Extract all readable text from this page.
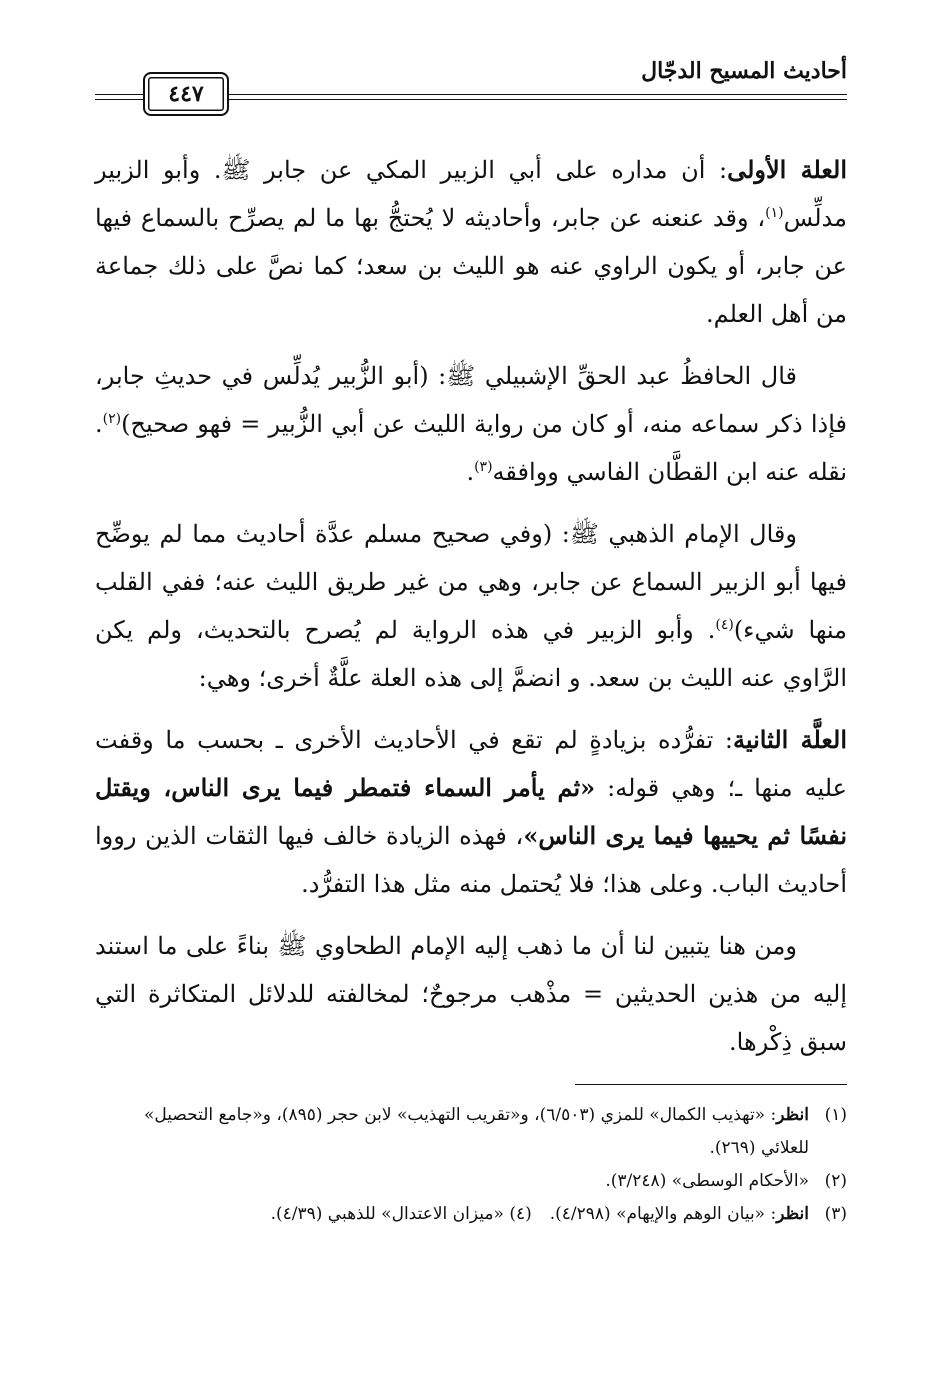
أحاديث المسيح الدجّال
٤٤٧

العلة الأولى: أن مداره على أبي الزبير المكي عن جابر ﷺ. وأبو الزبير مدلِّس$^{(١)}$، وقد عنعنه عن جابر، وأحاديثه لا يُحتجُّ بها ما لم يصرِّح بالسماع فيها عن جابر، أو يكون الراوي عنه هو الليث بن سعد؛ كما نصَّ على ذلك جماعة من أهل العلم.

قال الحافظُ عبد الحقِّ الإشبيلي ﷺ: (أبو الزُّبير يُدلِّس في حديثِ جابر، فإذا ذكر سماعه منه، أو كان من رواية الليث عن أبي الزُّبير = فهو صحيح)$^{(٢)}$. نقله عنه ابن القطَّان الفاسي ووافقه$^{(٣)}$.

وقال الإمام الذهبي ﷺ: (وفي صحيح مسلم عدَّة أحاديث مما لم يوضِّح فيها أبو الزبير السماع عن جابر، وهي من غير طريق الليث عنه؛ ففي القلب منها شيء)$^{(٤)}$. وأبو الزبير في هذه الرواية لم يُصرح بالتحديث، ولم يكن الرَّاوي عنه الليث بن سعد. و انضمَّ إلى هذه العلة علَّةٌ أخرى؛ وهي:

العلَّة الثانية: تفرُّده بزيادةٍ لم تقع في الأحاديث الأخرى ـ بحسب ما وقفت عليه منها ـ؛ وهي قوله: «ثم يأمر السماء فتمطر فيما يرى الناس، ويقتل نفسًا ثم يحييها فيما يرى الناس»، فهذه الزيادة خالف فيها الثقات الذين رووا أحاديث الباب. وعلى هذا؛ فلا يُحتمل منه مثل هذا التفرُّد.

ومن هنا يتبين لنا أن ما ذهب إليه الإمام الطحاوي ﷺ بناءً على ما استند إليه من هذين الحديثين = مذْهب مرجوحٌ؛ لمخالفته للدلائل المتكاثرة التي سبق ذِكْرها.

(١)
انظر: «تهذيب الكمال» للمزي (٦/٥٠٣)، و«تقريب التهذيب» لابن حجر (٨٩٥)، و«جامع التحصيل» للعلائي (٢٦٩).
(٢)
«الأحكام الوسطى» (٣/٢٤٨).
(٣)
انظر: «بيان الوهم والإيهام» (٤/٢٩٨).(٤) «ميزان الاعتدال» للذهبي (٤/٣٩).
